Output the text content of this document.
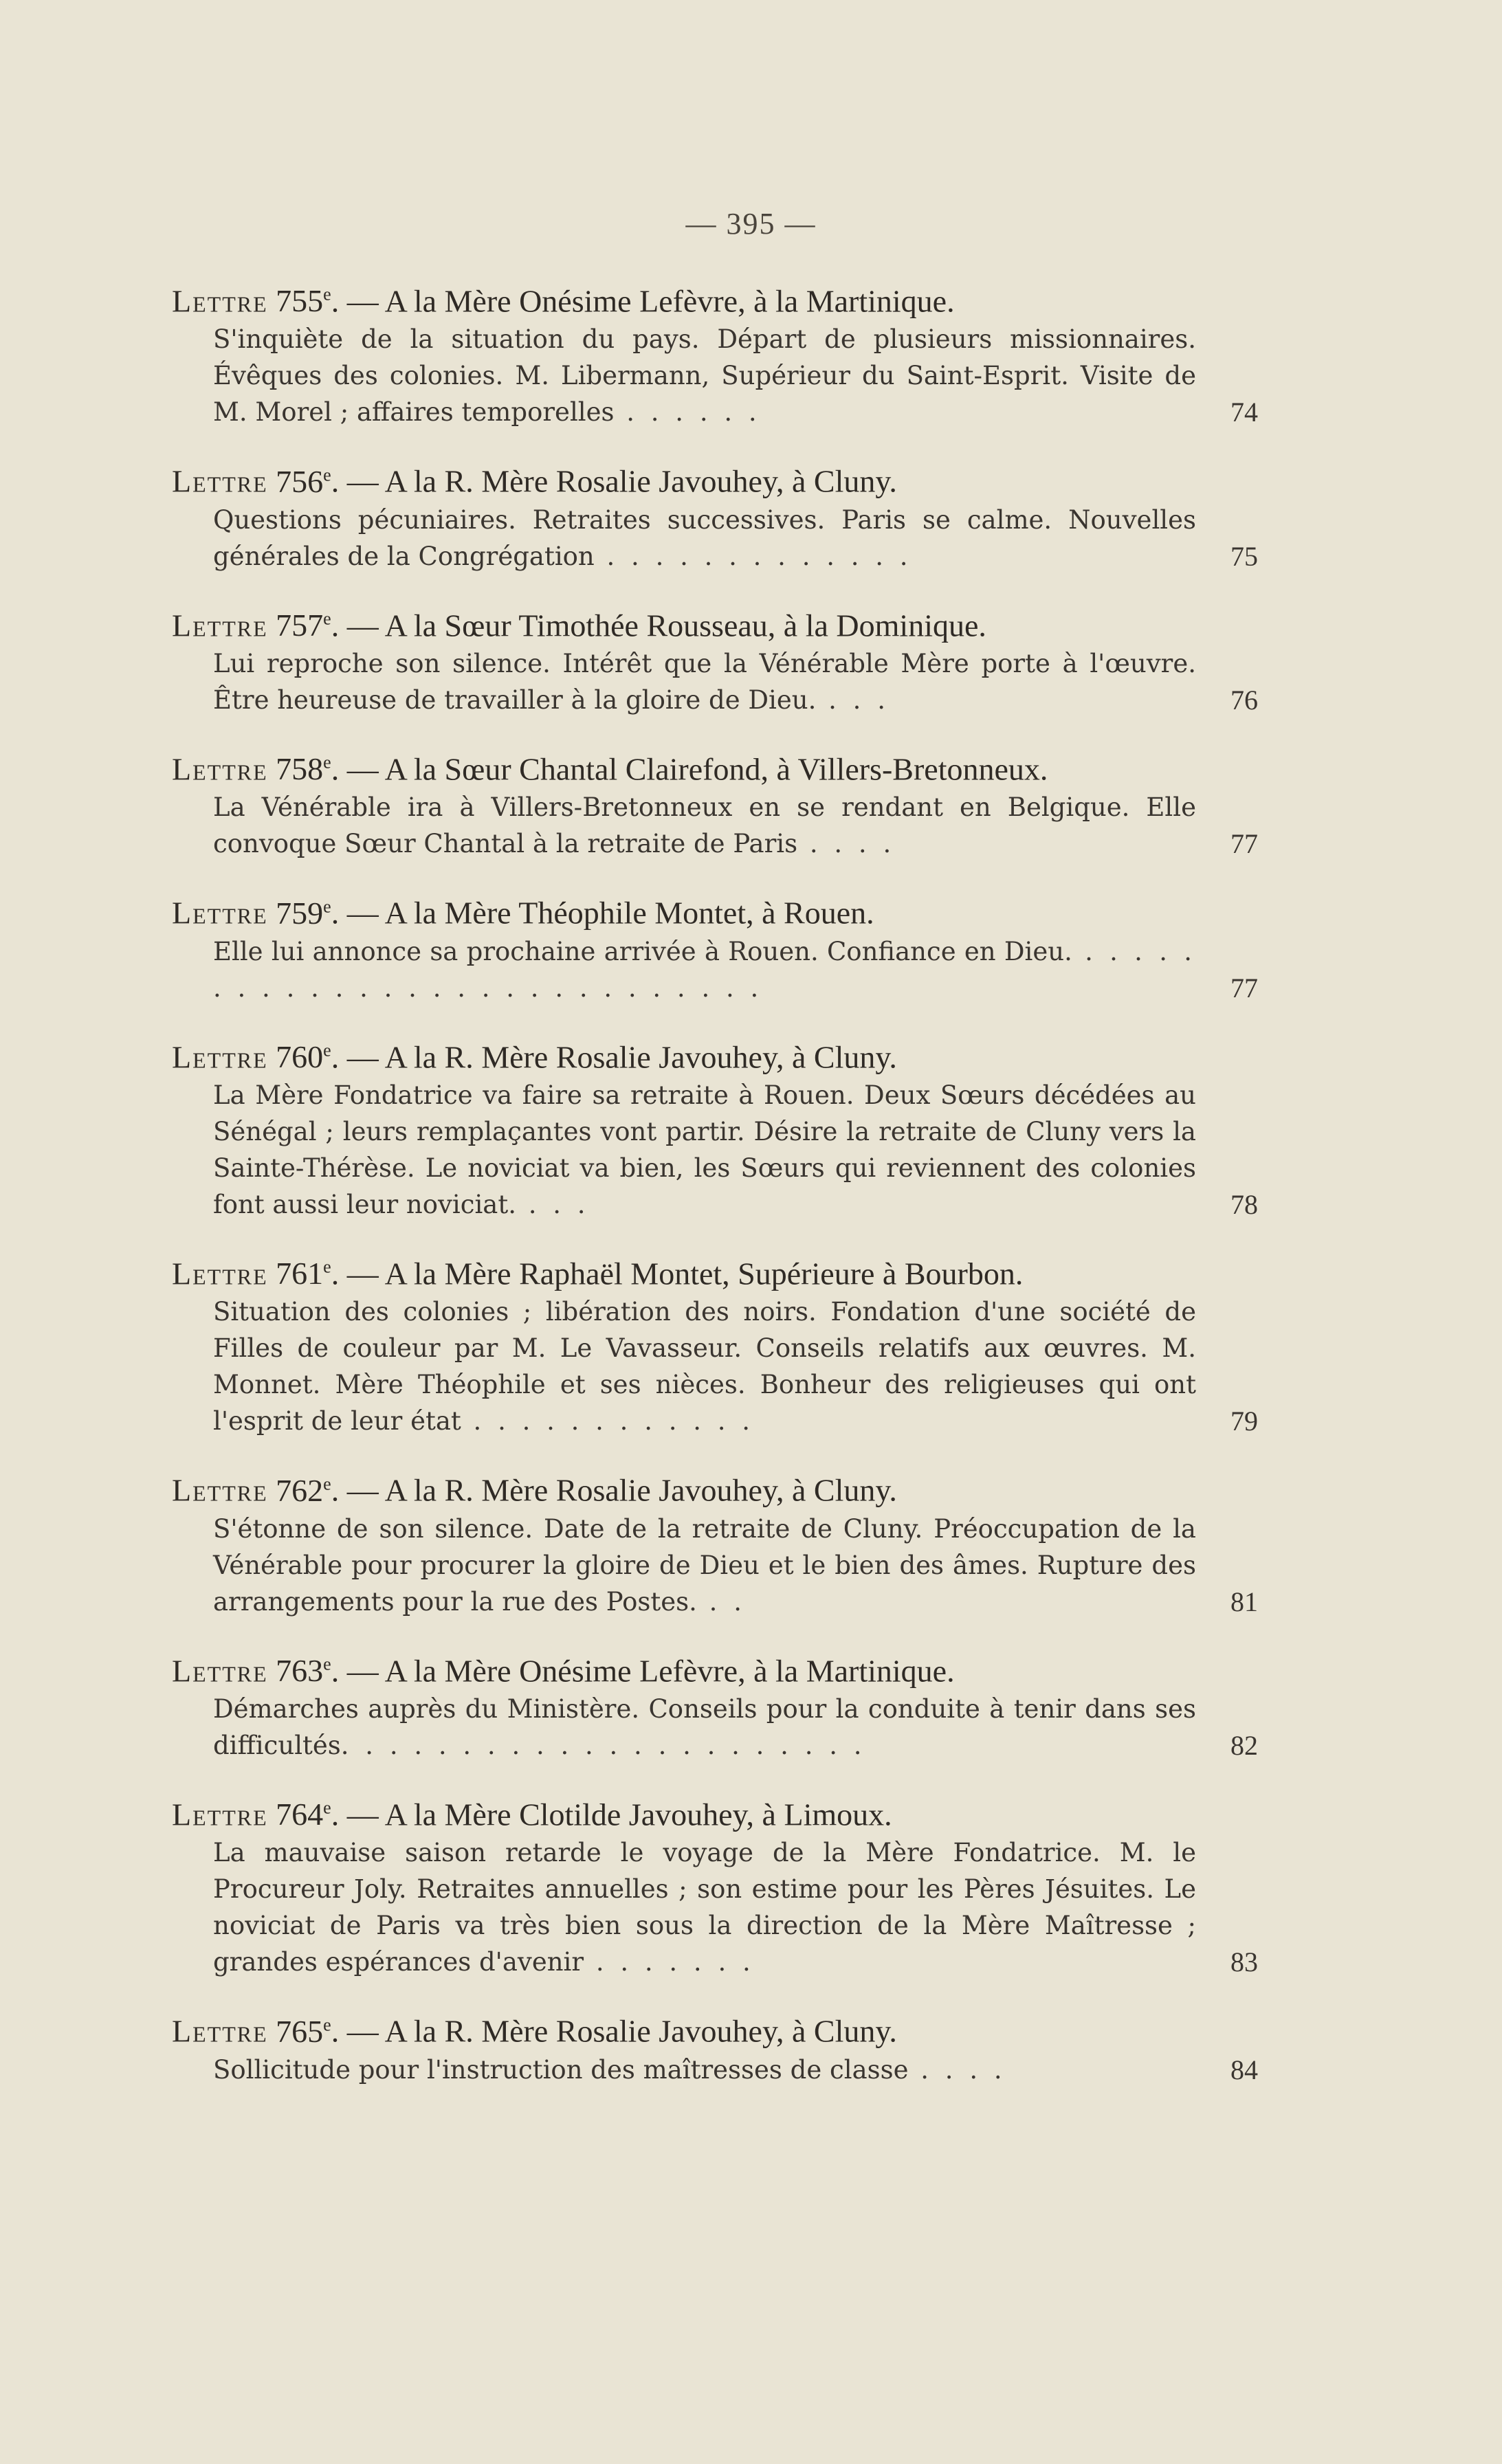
— 395 —
Lettre 755e. — A la Mère Onésime Lefèvre, à la Martinique.
S'inquiète de la situation du pays. Départ de plusieurs missionnaires. Évêques des colonies. M. Libermann, Supérieur du Saint-Esprit. Visite de M. Morel ; affaires temporelles . . . . . .	74
Lettre 756e. — A la R. Mère Rosalie Javouhey, à Cluny.
Questions pécuniaires. Retraites successives. Paris se calme. Nouvelles générales de la Congrégation . . . . . . . . . . . . .	75
Lettre 757e. — A la Sœur Timothée Rousseau, à la Dominique.
Lui reproche son silence. Intérêt que la Vénérable Mère porte à l'œuvre. Être heureuse de travailler à la gloire de Dieu. . . .	76
Lettre 758e. — A la Sœur Chantal Clairefond, à Villers-Bretonneux.
La Vénérable ira à Villers-Bretonneux en se rendant en Belgique. Elle convoque Sœur Chantal à la retraite de Paris . . . .	77
Lettre 759e. — A la Mère Théophile Montet, à Rouen.
Elle lui annonce sa prochaine arrivée à Rouen. Confiance en Dieu. . . . . . . . . . . . . . . . . . . . . . . . . . . . .	77
Lettre 760e. — A la R. Mère Rosalie Javouhey, à Cluny.
La Mère Fondatrice va faire sa retraite à Rouen. Deux Sœurs décédées au Sénégal ; leurs remplaçantes vont partir. Désire la retraite de Cluny vers la Sainte-Thérèse. Le noviciat va bien, les Sœurs qui reviennent des colonies font aussi leur noviciat. . . .	78
Lettre 761e. — A la Mère Raphaël Montet, Supérieure à Bourbon.
Situation des colonies ; libération des noirs. Fondation d'une société de Filles de couleur par M. Le Vavasseur. Conseils relatifs aux œuvres. M. Monnet. Mère Théophile et ses nièces. Bonheur des religieuses qui ont l'esprit de leur état . . . . . . . . . . . .	79
Lettre 762e. — A la R. Mère Rosalie Javouhey, à Cluny.
S'étonne de son silence. Date de la retraite de Cluny. Préoccupation de la Vénérable pour procurer la gloire de Dieu et le bien des âmes. Rupture des arrangements pour la rue des Postes. . .	81
Lettre 763e. — A la Mère Onésime Lefèvre, à la Martinique.
Démarches auprès du Ministère. Conseils pour la conduite à tenir dans ses difficultés. . . . . . . . . . . . . . . . . . . . . .	82
Lettre 764e. — A la Mère Clotilde Javouhey, à Limoux.
La mauvaise saison retarde le voyage de la Mère Fondatrice. M. le Procureur Joly. Retraites annuelles ; son estime pour les Pères Jésuites. Le noviciat de Paris va très bien sous la direction de la Mère Maîtresse ; grandes espérances d'avenir . . . . . . .	83
Lettre 765e. — A la R. Mère Rosalie Javouhey, à Cluny.
Sollicitude pour l'instruction des maîtresses de classe . . . .	84
